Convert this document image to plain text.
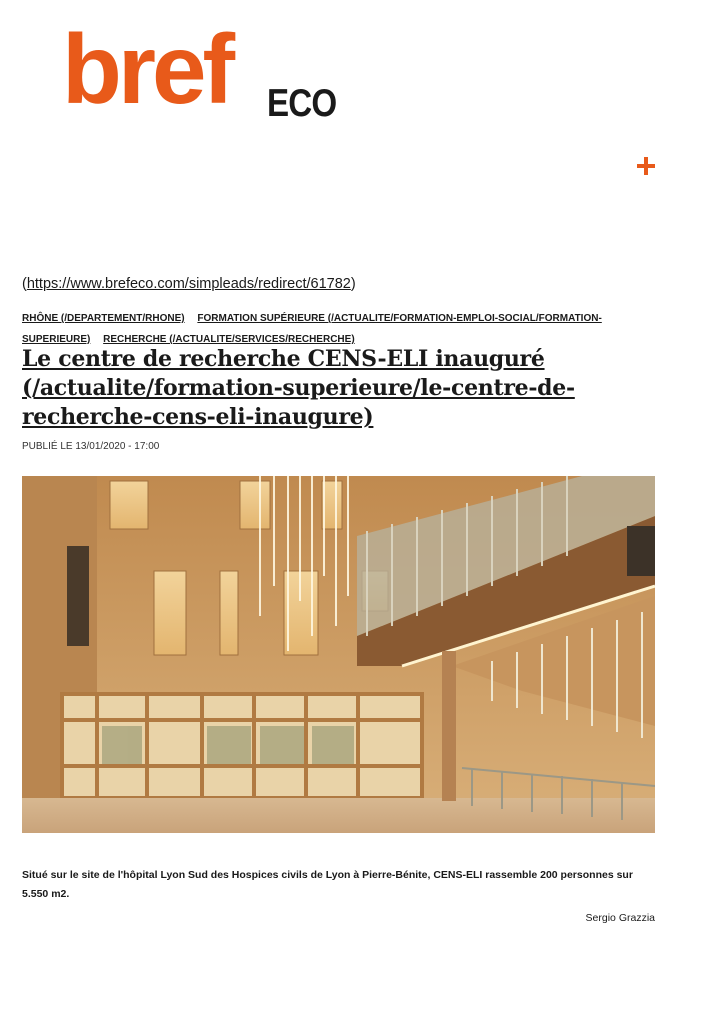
bref ECO
(https://www.brefeco.com/simpleads/redirect/61782)
RHÔNE (/DEPARTEMENT/RHONE) FORMATION SUPÉRIEURE (/ACTUALITE/FORMATION-EMPLOI-SOCIAL/FORMATION-SUPERIEURE) RECHERCHE (/ACTUALITE/SERVICES/RECHERCHE)
Le centre de recherche CENS-ELI inauguré (/actualite/formation-superieure/le-centre-de-recherche-cens-eli-inaugure)
PUBLIÉ LE 13/01/2020 - 17:00
Situé sur le site de l'hôpital Lyon Sud des Hospices civils de Lyon à Pierre-Bénite, CENS-ELI rassemble 200 personnes sur 5.550 m2.
Sergio Grazzia
